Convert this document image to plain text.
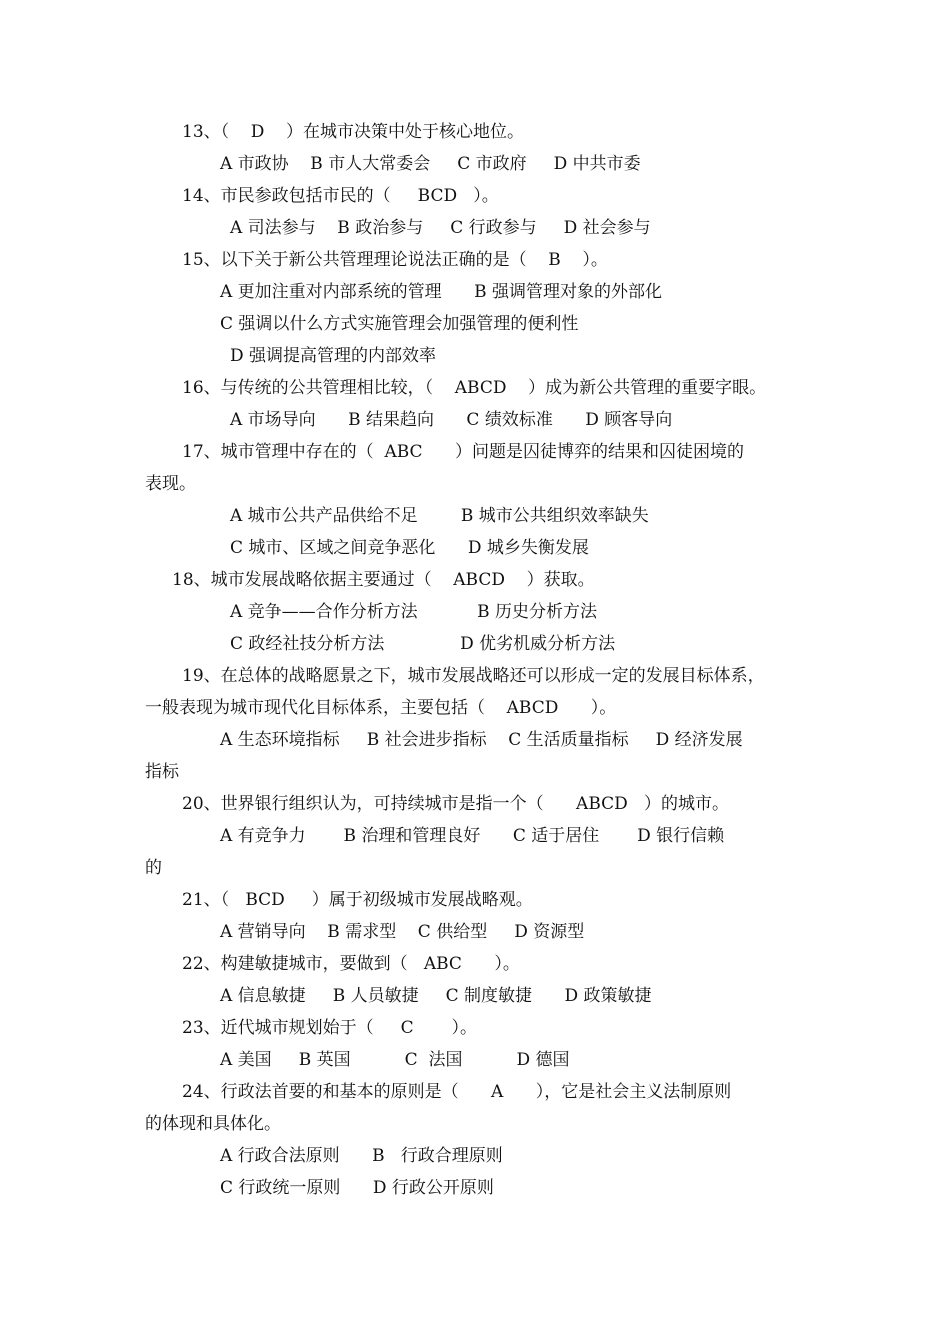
13、（    D    ）在城市决策中处于核心地位。
A 市政协    B 市人大常委会     C 市政府     D 中共市委
14、市民参政包括市民的（     BCD   ）。
A 司法参与    B 政治参与     C 行政参与     D 社会参与
15、以下关于新公共管理理论说法正确的是（    B    ）。
A 更加注重对内部系统的管理      B 强调管理对象的外部化
C 强调以什么方式实施管理会加强管理的便利性
D 强调提高管理的内部效率
16、与传统的公共管理相比较，（    ABCD    ）成为新公共管理的重要字眼。
A 市场导向      B 结果趋向      C 绩效标准      D 顾客导向
17、城市管理中存在的（  ABC      ）问题是囚徒博弈的结果和囚徒困境的
表现。
A 城市公共产品供给不足        B 城市公共组织效率缺失
C 城市、区域之间竞争恶化      D 城乡失衡发展
18、城市发展战略依据主要通过（    ABCD    ）获取。
A 竞争——合作分析方法           B 历史分析方法
C 政经社技分析方法              D 优劣机威分析方法
19、在总体的战略愿景之下，城市发展战略还可以形成一定的发展目标体系，
一般表现为城市现代化目标体系，主要包括（    ABCD      ）。
A 生态环境指标     B 社会进步指标    C 生活质量指标     D 经济发展
指标
20、世界银行组织认为，可持续城市是指一个（      ABCD   ）的城市。
A 有竞争力       B 治理和管理良好      C 适于居住       D 银行信赖
的
21、（   BCD     ）属于初级城市发展战略观。
A 营销导向    B 需求型    C 供给型     D 资源型
22、构建敏捷城市，要做到（   ABC      ）。
A 信息敏捷     B 人员敏捷     C 制度敏捷      D 政策敏捷
23、近代城市规划始于（     C       ）。
A 美国     B 英国          C  法国          D 德国
24、行政法首要的和基本的原则是（      A      ），它是社会主义法制原则
的体现和具体化。
A 行政合法原则      B   行政合理原则
C 行政统一原则      D 行政公开原则
